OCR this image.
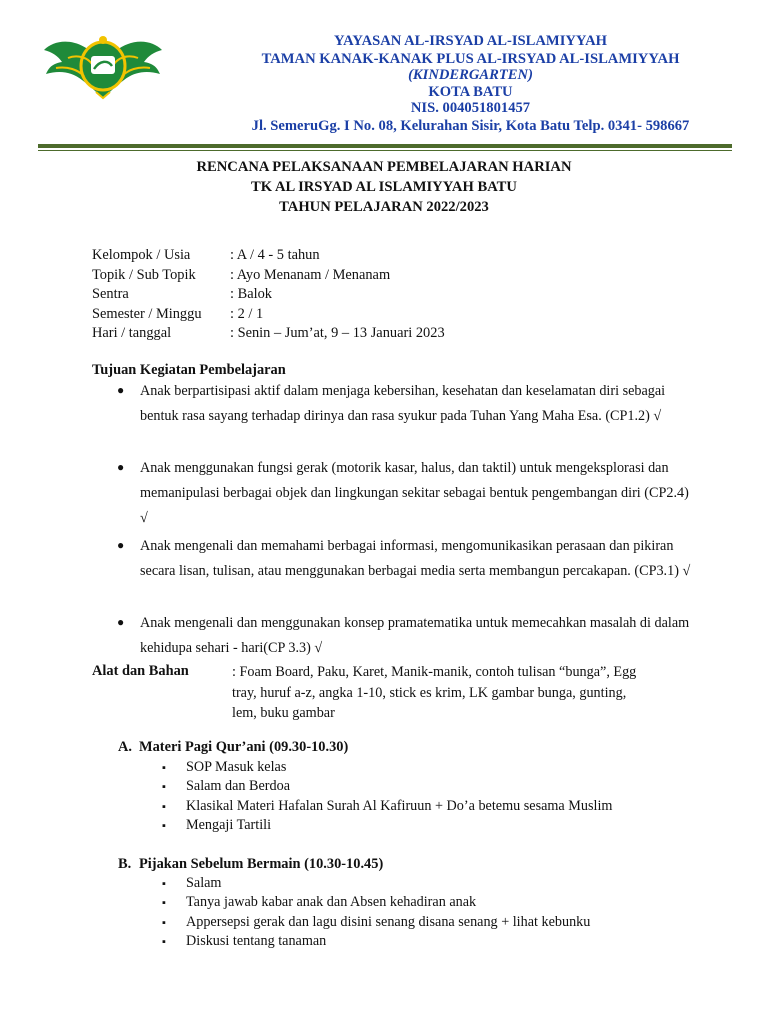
YAYASAN AL-IRSYAD AL-ISLAMIYYAH
TAMAN KANAK-KANAK PLUS AL-IRSYAD AL-ISLAMIYYAH
(KINDERGARTEN)
KOTA BATU
NIS. 004051801457
Jl. SemeruGg. I No. 08, Kelurahan Sisir, Kota Batu Telp. 0341- 598667
RENCANA PELAKSANAAN PEMBELAJARAN HARIAN
TK AL IRSYAD AL ISLAMIYYAH BATU
TAHUN PELAJARAN 2022/2023
Kelompok / Usia	: A / 4 - 5 tahun
Topik / Sub Topik : Ayo Menanam / Menanam
Sentra	: Balok
Semester / Minggu : 2 / 1
Hari / tanggal	: Senin – Jum’at, 9 – 13 Januari 2023
Tujuan Kegiatan Pembelajaran
● Anak berpartisipasi aktif dalam menjaga kebersihan, kesehatan dan keselamatan diri sebagai bentuk rasa sayang terhadap dirinya dan rasa syukur pada Tuhan Yang Maha Esa. (CP1.2) √
● Anak menggunakan fungsi gerak (motorik kasar, halus, dan taktil) untuk mengeksplorasi dan memanipulasi berbagai objek dan lingkungan sekitar sebagai bentuk pengembangan diri (CP2.4) √
● Anak mengenali dan memahami berbagai informasi, mengomunikasikan perasaan dan pikiran secara lisan, tulisan, atau menggunakan berbagai media serta membangun percakapan. (CP3.1) √
● Anak mengenali dan menggunakan konsep pramatematika untuk memecahkan masalah di dalam kehidupa sehari - hari(CP 3.3) √
Alat dan Bahan	: Foam Board, Paku, Karet, Manik-manik, contoh tulisan “bunga”, Egg tray, huruf a-z, angka 1-10, stick es krim, LK gambar bunga, gunting, lem, buku gambar
A. Materi Pagi Qur’ani (09.30-10.30)
▪ SOP Masuk kelas
▪ Salam dan Berdoa
▪ Klasikal Materi Hafalan Surah Al Kafiruun + Do’a betemu sesama Muslim
▪ Mengaji Tartili
B. Pijakan Sebelum Bermain (10.30-10.45)
▪ Salam
▪ Tanya jawab kabar anak dan Absen kehadiran anak
▪ Appersepsi gerak dan lagu disini senang disana senang + lihat kebunku
▪ Diskusi tentang tanaman
